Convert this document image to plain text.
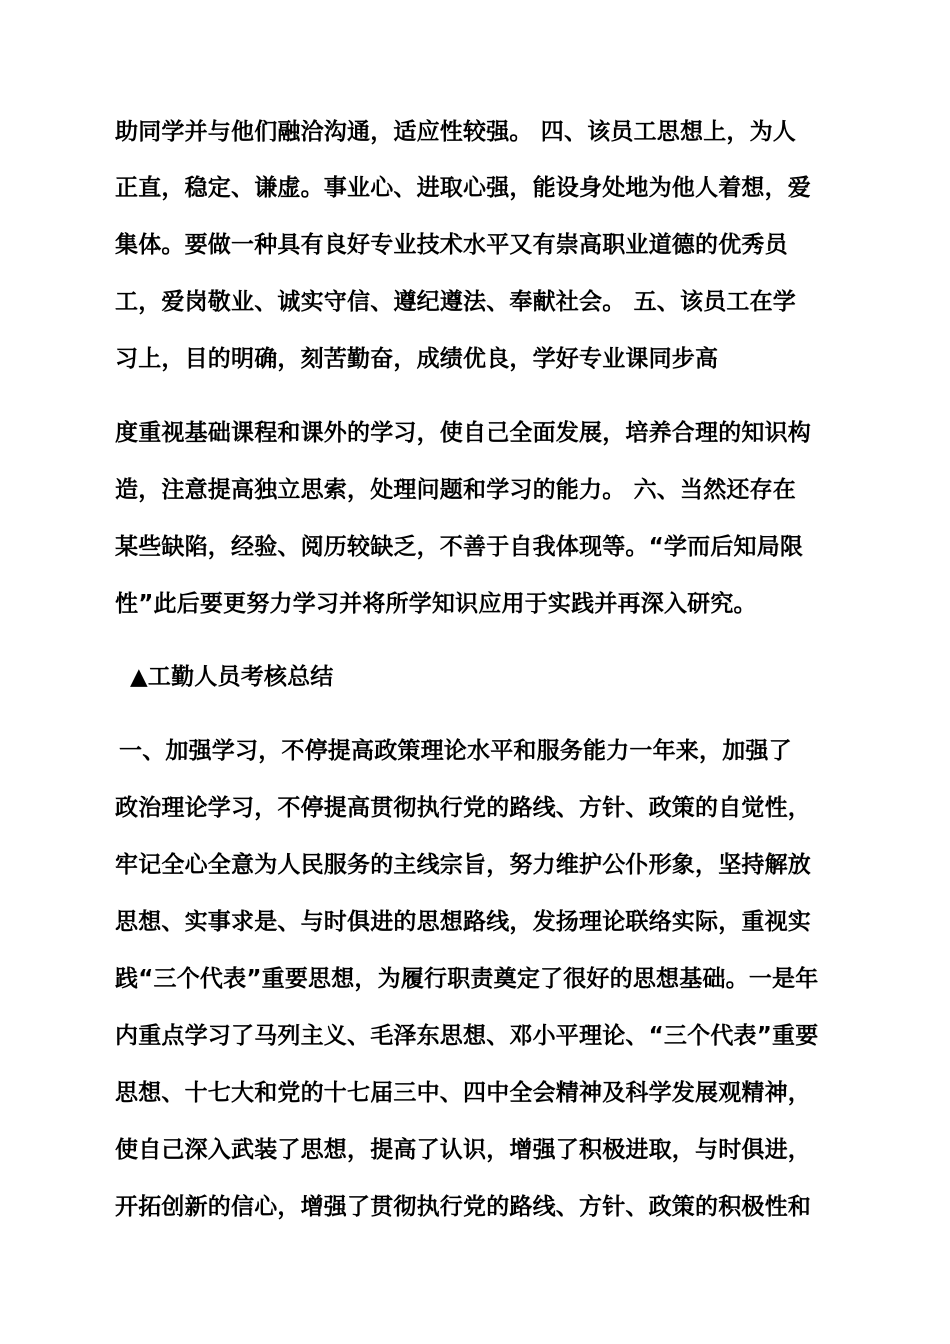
助同学并与他们融洽沟通，适应性较强。 四、该员工思想上，为人
正直，稳定、谦虚。事业心、进取心强，能设身处地为他人着想，爱
集体。要做一种具有良好专业技术水平又有崇高职业道德的优秀员
工，爱岗敬业、诚实守信、遵纪遵法、奉献社会。 五、该员工在学
习上，目的明确，刻苦勤奋，成绩优良，学好专业课同步高
度重视基础课程和课外的学习，使自己全面发展，培养合理的知识构
造，注意提高独立思索，处理问题和学习的能力。 六、当然还存在
某些缺陷，经验、阅历较缺乏，不善于自我体现等。“学而后知局限
性”此后要更努力学习并将所学知识应用于实践并再深入研究。
▲工勤人员考核总结
一、加强学习，不停提高政策理论水平和服务能力一年来，加强了
政治理论学习，不停提高贯彻执行党的路线、方针、政策的自觉性，
牢记全心全意为人民服务的主线宗旨，努力维护公仆形象，坚持解放
思想、实事求是、与时俱进的思想路线，发扬理论联络实际，重视实
践“三个代表”重要思想，为履行职责奠定了很好的思想基础。一是年
内重点学习了马列主义、毛泽东思想、邓小平理论、“三个代表”重要
思想、十七大和党的十七届三中、四中全会精神及科学发展观精神，
使自己深入武装了思想，提高了认识，增强了积极进取，与时俱进，
开拓创新的信心，增强了贯彻执行党的路线、方针、政策的积极性和
